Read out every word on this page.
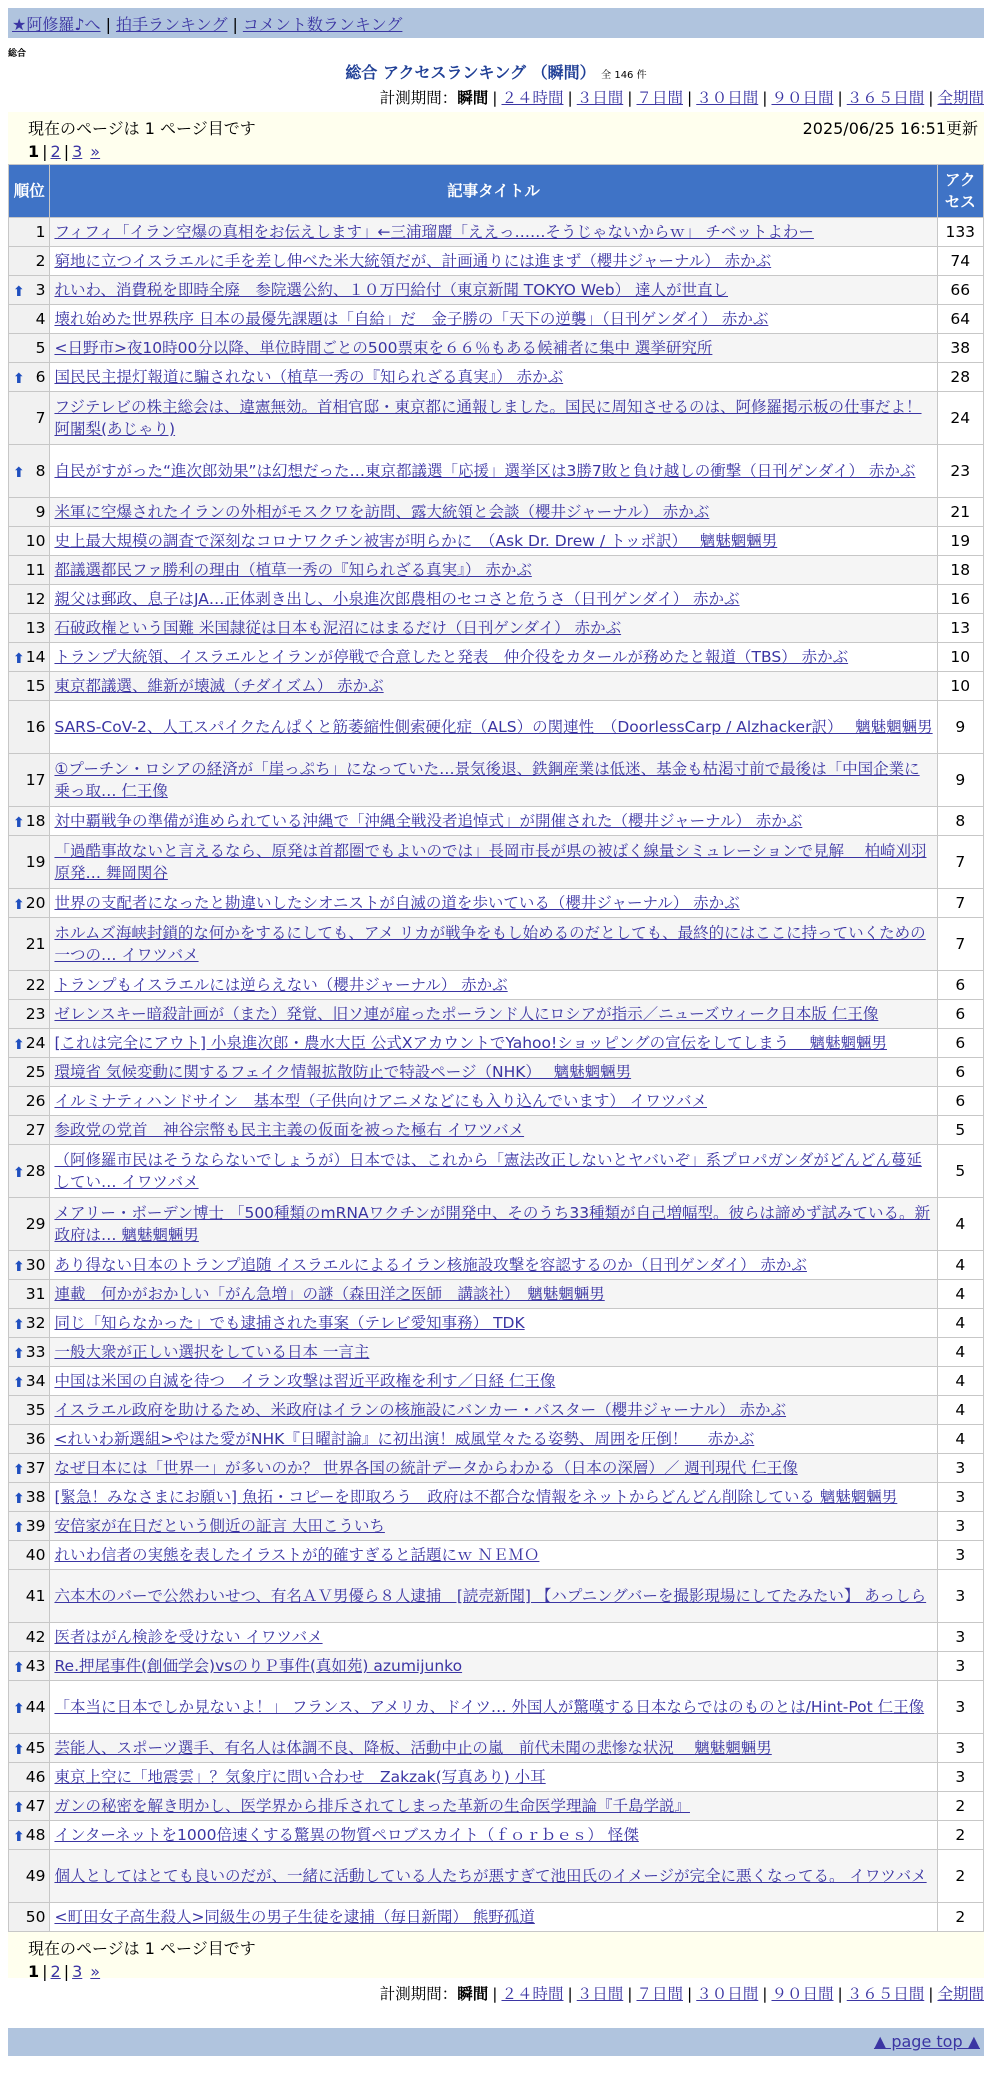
★阿修羅♪へ | 拍手ランキング | コメント数ランキング
総合
総合 アクセスランキング （瞬間） 全 146 件
計測期間：瞬間 | ２４時間 | ３日間 | ７日間 | ３０日間 | ９０日間 | ３６５日間 | 全期間
現在のページは 1 ページ目です	2025/06/25 16:51更新
1 | 2 | 3 »
順位	記事タイトル	アクセス
1	フィフィ「イラン空爆の真相をお伝えします」←三浦瑠麗「ええっ……そうじゃないからｗ」 チベットよわー	133
2	窮地に立つイスラエルに手を差し伸べた米大統領だが、計画通りには進まず（櫻井ジャーナル） 赤かぶ	74

⬆ 3	れいわ、消費税を即時全廃　参院選公約、１０万円給付（東京新聞 TOKYO Web） 達人が世直し	66
4	壊れ始めた世界秩序 日本の最優先課題は「自給」だ　金子勝の「天下の逆襲」（日刊ゲンダイ） 赤かぶ	64
5	<日野市>夜10時00分以降、単位時間ごとの500票束を６６％もある候補者に集中 選挙研究所	38

⬆ 6	国民民主提灯報道に騙されない（植草一秀の『知られざる真実』） 赤かぶ	28
7	フジテレビの株主総会は、違憲無効。首相官邸・東京都に通報しました。国民に周知させるのは、阿修羅掲示板の仕事だよ！ 阿闍梨(あじゃり)	24

⬆ 8	自民がすがった“進次郎効果”は幻想だった…東京都議選「応援」選挙区は3勝7敗と負け越しの衝撃（日刊ゲンダイ） 赤かぶ	23
9	米軍に空爆されたイランの外相がモスクワを訪問、露大統領と会談（櫻井ジャーナル） 赤かぶ	21
10	史上最大規模の調査で深刻なコロナワクチン被害が明らかに　（Ask Dr. Drew / トッポ訳）　 魑魅魍魎男	19
11	都議選都民ファ勝利の理由（植草一秀の『知られざる真実』） 赤かぶ	18
12	親父は郵政、息子はJA…正体剥き出し、小泉進次郎農相のセコさと危うさ（日刊ゲンダイ） 赤かぶ	16
13	石破政権という国難 米国隷従は日本も泥沼にはまるだけ（日刊ゲンダイ） 赤かぶ	13

⬆ 14	トランプ大統領、イスラエルとイランが停戦で合意したと発表　仲介役をカタールが務めたと報道（TBS） 赤かぶ	10
15	東京都議選、維新が壊滅（チダイズム） 赤かぶ	10
16	SARS-CoV-2、人工スパイクたんぱくと筋萎縮性側索硬化症（ALS）の関連性　（DoorlessCarp / Alzhacker訳）　 魑魅魍魎男	9
17	①プーチン・ロシアの経済が「崖っぷち」になっていた…景気後退、鉄鋼産業は低迷、基金も枯渇寸前で最後は「中国企業に乗っ取… 仁王像	9

⬆ 18	対中覇戦争の準備が進められている沖縄で「沖縄全戦没者追悼式」が開催された（櫻井ジャーナル） 赤かぶ	8
19	「過酷事故ないと言えるなら、原発は首都圏でもよいのでは」長岡市長が県の被ばく線量シミュレーションで見解　 柏崎刈羽原発… 舞岡関谷	7

⬆ 20	世界の支配者になったと勘違いしたシオニストが自滅の道を歩いている（櫻井ジャーナル） 赤かぶ	7
21	ホルムズ海峡封鎖的な何かをするにしても、アメ リカが戦争をもし始めるのだとしても、最終的にはここに持っていくための一つの… イワツバメ	7
22	トランプもイスラエルには逆らえない（櫻井ジャーナル） 赤かぶ	6
23	ゼレンスキー暗殺計画が（また）発覚、旧ソ連が雇ったポーランド人にロシアが指示／ニューズウィーク日本版 仁王像	6

⬆ 24	[これは完全にアウト] 小泉進次郎・農水大臣 公式XアカウントでYahoo!ショッピングの宣伝をしてしまう　 魑魅魍魎男	6
25	環境省 気候変動に関するフェイク情報拡散防止で特設ページ（NHK）　 魑魅魍魎男	6
26	イルミナティハンドサイン　基本型（子供向けアニメなどにも入り込んでいます） イワツバメ	6
27	参政党の党首　神谷宗幣も民主主義の仮面を被った極右 イワツバメ	5

⬆ 28	（阿修羅市民はそうならないでしょうが）日本では、これから「憲法改正しないとヤバいぞ」系プロパガンダがどんどん蔓延してい… イワツバメ	5
29	メアリー・ボーデン博士 「500種類のmRNAワクチンが開発中、そのうち33種類が自己増幅型。彼らは諦めず試みている。新政府は… 魑魅魍魎男	4

⬆ 30	あり得ない日本のトランプ追随 イスラエルによるイラン核施設攻撃を容認するのか（日刊ゲンダイ） 赤かぶ	4
31	連載　何かがおかしい「がん急増」の謎（森田洋之医師　講談社）　魑魅魍魎男	4

⬆ 32	同じ「知らなかった」でも逮捕された事案（テレビ愛知事務） TDK	4

⬆ 33	一般大衆が正しい選択をしている日本 一言主	4

⬆ 34	中国は米国の自滅を待つ　イラン攻撃は習近平政権を利す／日経 仁王像	4
35	イスラエル政府を助けるため、米政府はイランの核施設にバンカー・バスター（櫻井ジャーナル） 赤かぶ	4
36	<れいわ新選組>やはた愛がNHK『日曜討論』に初出演！威風堂々たる姿勢、周囲を圧倒！　 赤かぶ	4

⬆ 37	なぜ日本には「世界一」が多いのか？ 世界各国の統計データからわかる（日本の深層）／ 週刊現代 仁王像	3

⬆ 38	[緊急！みなさまにお願い] 魚拓・コピーを即取ろう　政府は不都合な情報をネットからどんどん削除している 魑魅魍魎男	3

⬆ 39	安倍家が在日だという側近の証言 大田こういち	3
40	れいわ信者の実態を表したイラストが的確すぎると話題にｗ ＮＥＭＯ	3
41	六本木のバーで公然わいせつ、有名ＡＶ男優ら８人逮捕　[読売新聞] 【ハプニングバーを撮影現場にしてたみたい】 あっしら	3
42	医者はがん検診を受けない イワツバメ	3

⬆ 43	Re.押尾事件(創価学会)vsのりＰ事件(真如苑) azumijunko	3

⬆ 44	「本当に日本でしか見ないよ！」 フランス、アメリカ、ドイツ… 外国人が驚嘆する日本ならではのものとは/Hint-Pot 仁王像	3

⬆ 45	芸能人、スポーツ選手、有名人は体調不良、降板、活動中止の嵐　前代未聞の悲惨な状況　 魑魅魍魎男	3
46	東京上空に「地震雲」？気象庁に問い合わせ　Zakzak(写真あり) 小耳	3

⬆ 47	ガンの秘密を解き明かし、医学界から排斥されてしまった革新の生命医学理論『千島学説』	2

⬆ 48	インターネットを1000倍速くする驚異の物質ペロブスカイト（ｆｏｒｂｅｓ） 怪傑	2
49	個人としてはとても良いのだが、一緒に活動している人たちが悪すぎて池田氏のイメージが完全に悪くなってる。 イワツバメ	2
50	<町田女子高生殺人>同級生の男子生徒を逮捕（毎日新聞） 熊野孤道	2
現在のページは 1 ページ目です
1 | 2 | 3 »
計測期間：瞬間 | ２４時間 | ３日間 | ７日間 | ３０日間 | ９０日間 | ３６５日間 | 全期間
▲ page top ▲
